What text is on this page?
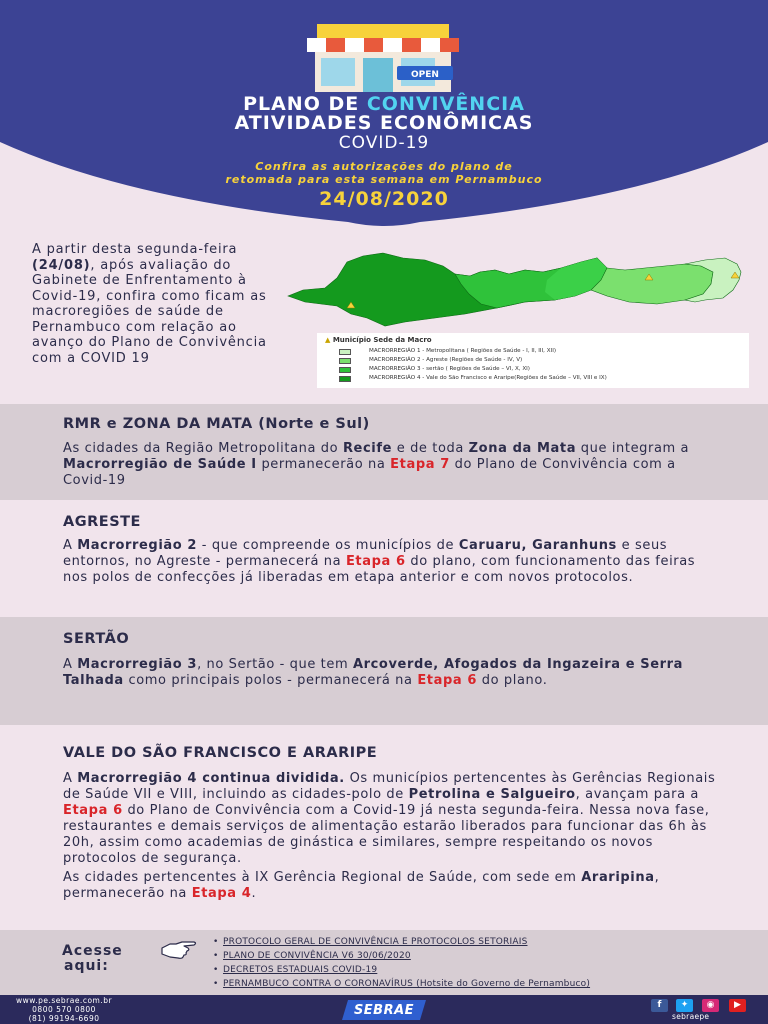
OPEN
PLANO DE CONVIVÊNCIA
ATIVIDADES ECONÔMICAS
COVID-19
Confira as autorizações do plano de
retomada para esta semana em Pernambuco
24/08/2020
A partir desta segunda-feira (24/08), após avaliação do Gabinete de Enfrentamento à Covid-19, confira como ficam as macroregiões de saúde de Pernambuco com relação ao avanço do Plano de Convivência com a COVID 19
▲ Município Sede da Macro
MACRORREGIÃO 1 - Metropolitana ( Regiões de Saúde - I, II, III, XII)
MACRORREGIÃO 2 - Agreste (Regiões de Saúde - IV, V)
MACRORREGIÃO 3 - sertão ( Regiões de Saúde – VI, X, XI)
MACRORREGIÃO 4 - Vale do São Francisco e Araripe(Regiões de Saúde – VII, VIII e IX)
RMR e ZONA DA MATA (Norte e Sul)
As cidades da Região Metropolitana do Recife e de toda Zona da Mata que integram a Macrorregião de Saúde I permanecerão na Etapa 7 do Plano de Convivência com a Covid-19
AGRESTE
A Macrorregião 2 - que compreende os municípios de Caruaru, Garanhuns e seus entornos, no Agreste - permanecerá na Etapa 6 do plano, com funcionamento das feiras nos polos de confecções já liberadas em etapa anterior e com novos protocolos.
SERTÃO
A Macrorregião 3, no Sertão - que tem Arcoverde, Afogados da Ingazeira e Serra Talhada como principais polos - permanecerá na Etapa 6 do plano.
VALE DO SÃO FRANCISCO E ARARIPE
A Macrorregião 4 continua dividida. Os municípios pertencentes às Gerências Regionais de Saúde VII e VIII, incluindo as cidades-polo de Petrolina e Salgueiro, avançam para a Etapa 6 do Plano de Convivência com a Covid-19 já nesta segunda-feira. Nessa nova fase, restaurantes e demais serviços de alimentação estarão liberados para funcionar das 6h às 20h, assim como academias de ginástica e similares, sempre respeitando os novos protocolos de segurança.
As cidades pertencentes à IX Gerência Regional de Saúde, com sede em Araripina, permanecerão na Etapa 4.
Acesse
aqui:
• PROTOCOLO GERAL DE CONVIVÊNCIA E PROTOCOLOS SETORIAIS
• PLANO DE CONVIVÊNCIA V6 30/06/2020
• DECRETOS ESTADUAIS COVID-19
• PERNAMBUCO CONTRA O CORONAVÍRUS (Hotsite do Governo de Pernambuco)
www.pe.sebrae.com.br
0800 570 0800
(81) 99194-6690
SEBRAE	f	✦	◉	▶
sebraepe
